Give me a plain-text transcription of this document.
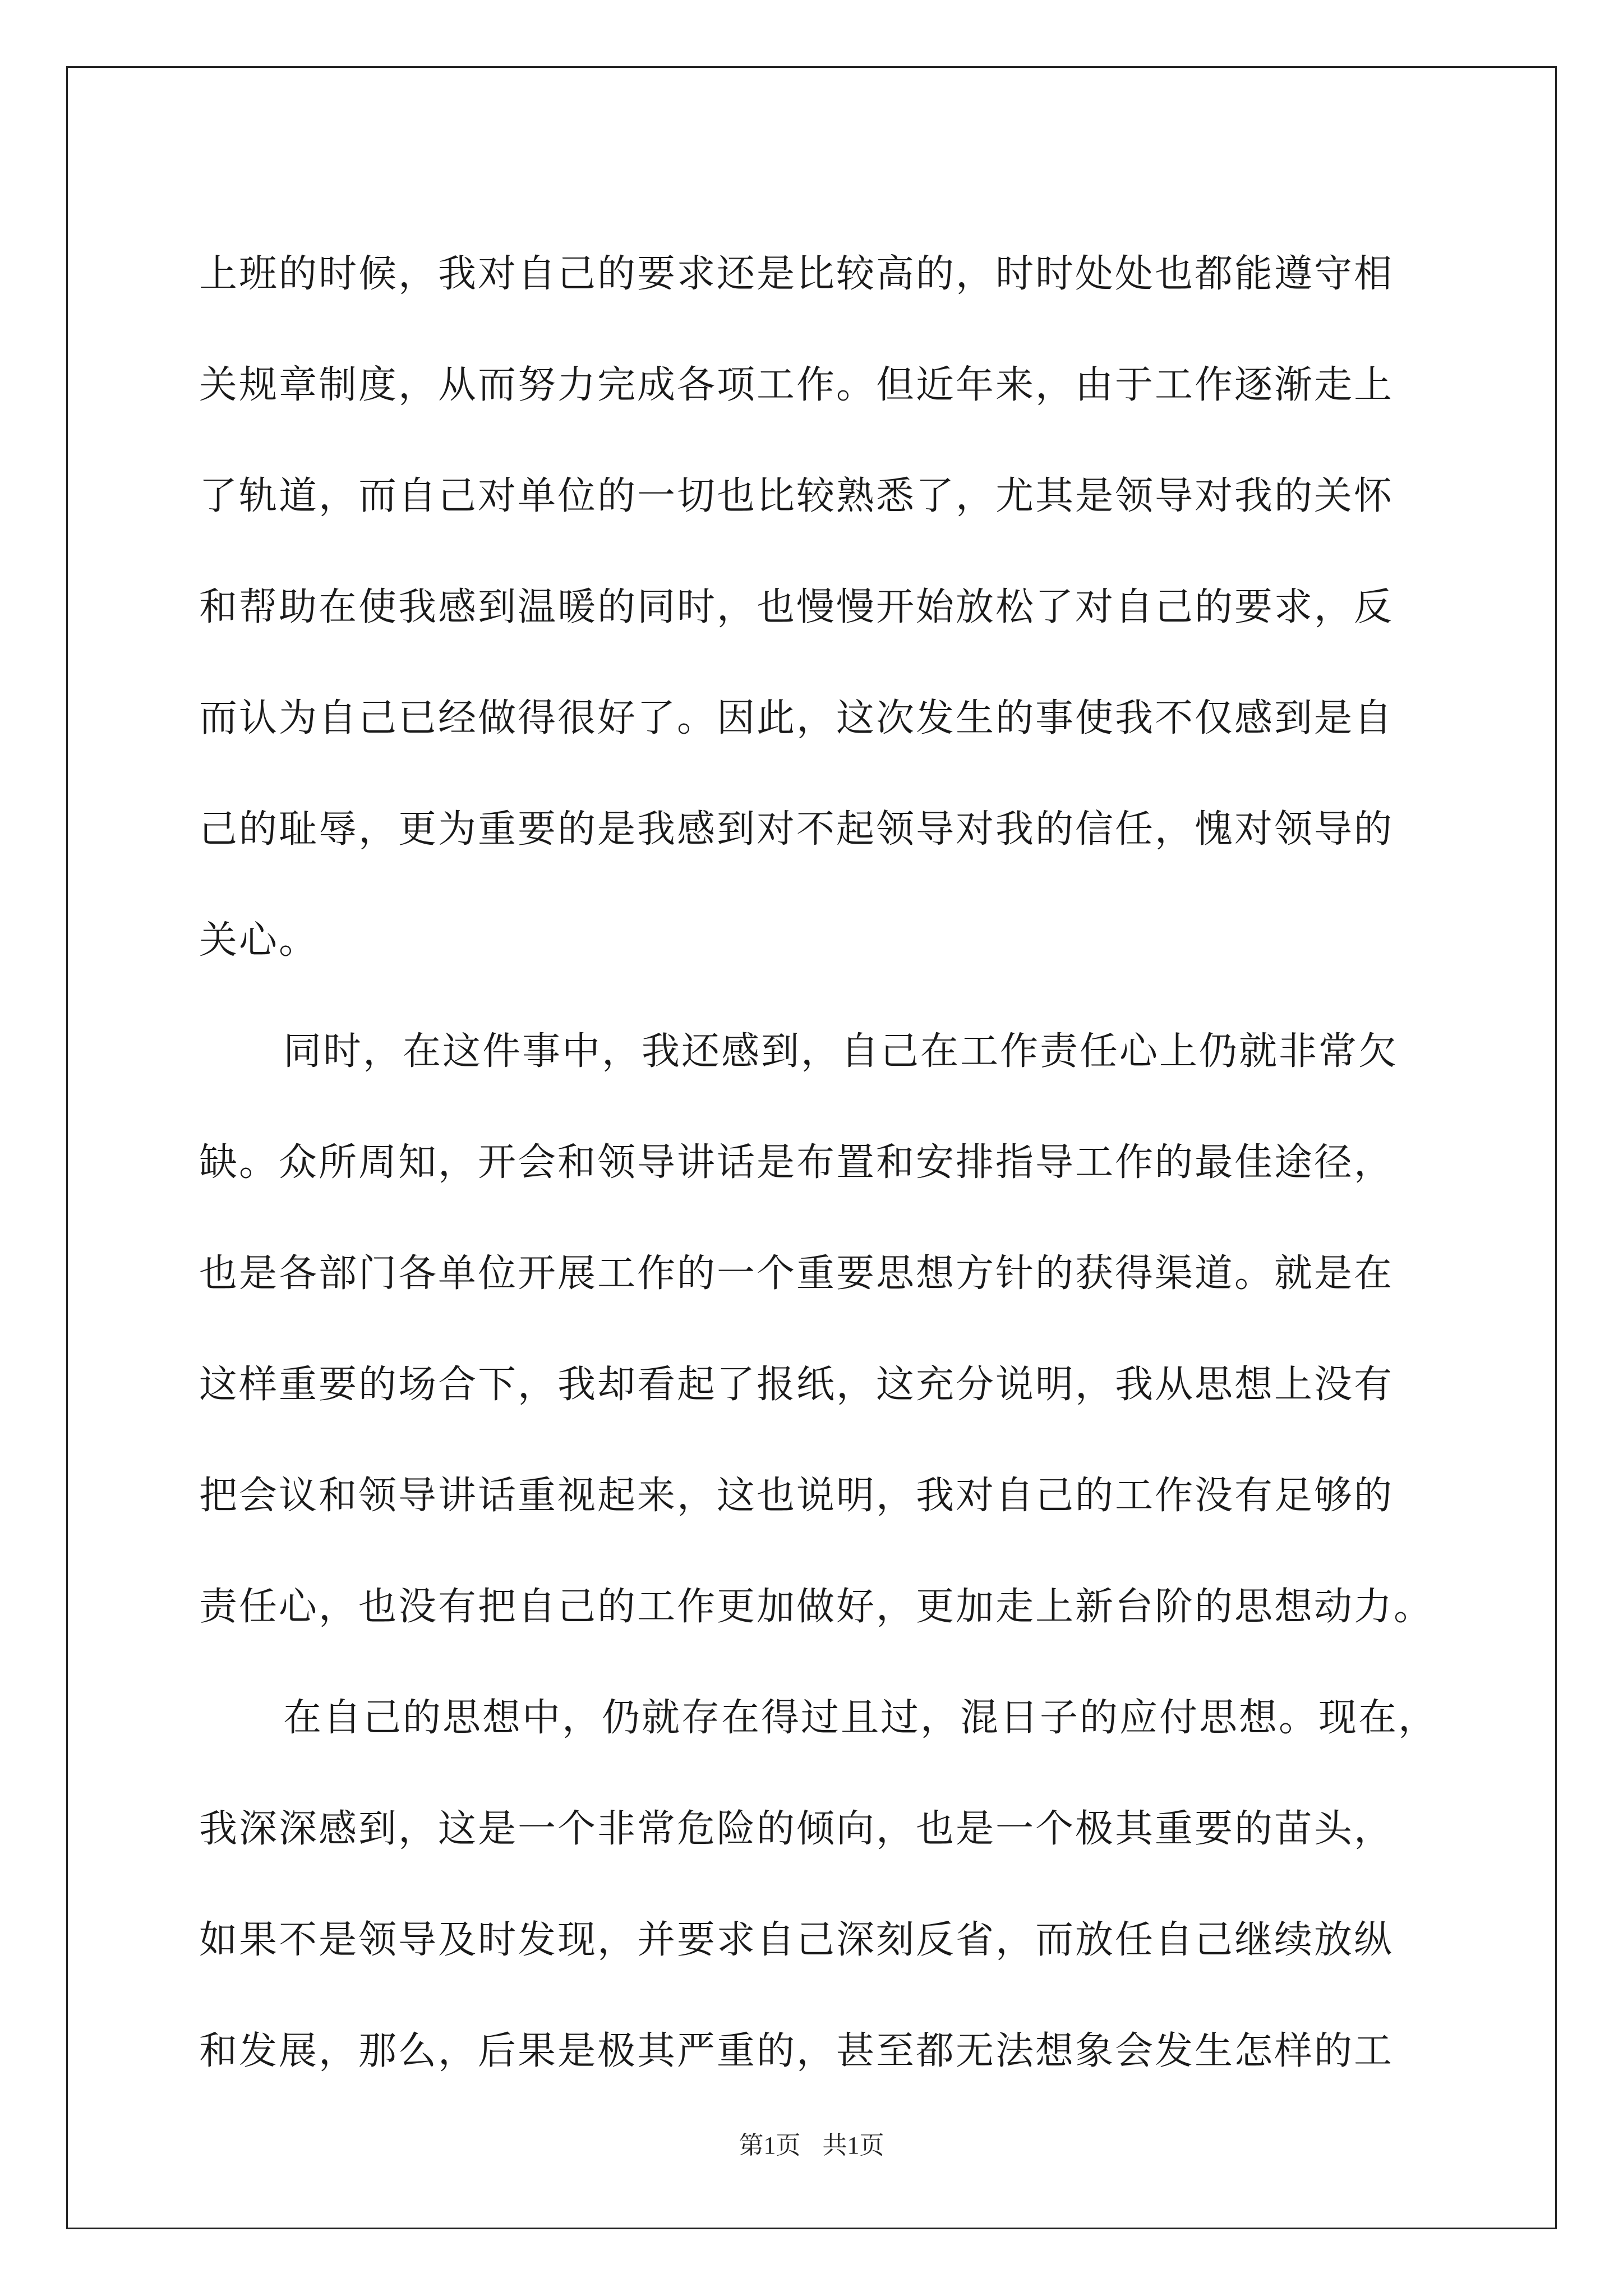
上班的时候，我对自己的要求还是比较高的，时时处处也都能遵守相
关规章制度，从而努力完成各项工作。但近年来，由于工作逐渐走上
了轨道，而自己对单位的一切也比较熟悉了，尤其是领导对我的关怀
和帮助在使我感到温暖的同时，也慢慢开始放松了对自己的要求，反
而认为自己已经做得很好了。因此，这次发生的事使我不仅感到是自
己的耻辱，更为重要的是我感到对不起领导对我的信任，愧对领导的
关心。
同时，在这件事中，我还感到，自己在工作责任心上仍就非常欠
缺。众所周知，开会和领导讲话是布置和安排指导工作的最佳途径，
也是各部门各单位开展工作的一个重要思想方针的获得渠道。就是在
这样重要的场合下，我却看起了报纸，这充分说明，我从思想上没有
把会议和领导讲话重视起来，这也说明，我对自己的工作没有足够的
责任心，也没有把自己的工作更加做好，更加走上新台阶的思想动力。
在自己的思想中，仍就存在得过且过，混日子的应付思想。现在，
我深深感到，这是一个非常危险的倾向，也是一个极其重要的苗头，
如果不是领导及时发现，并要求自己深刻反省，而放任自己继续放纵
和发展，那么，后果是极其严重的，甚至都无法想象会发生怎样的工
第1页 共1页
